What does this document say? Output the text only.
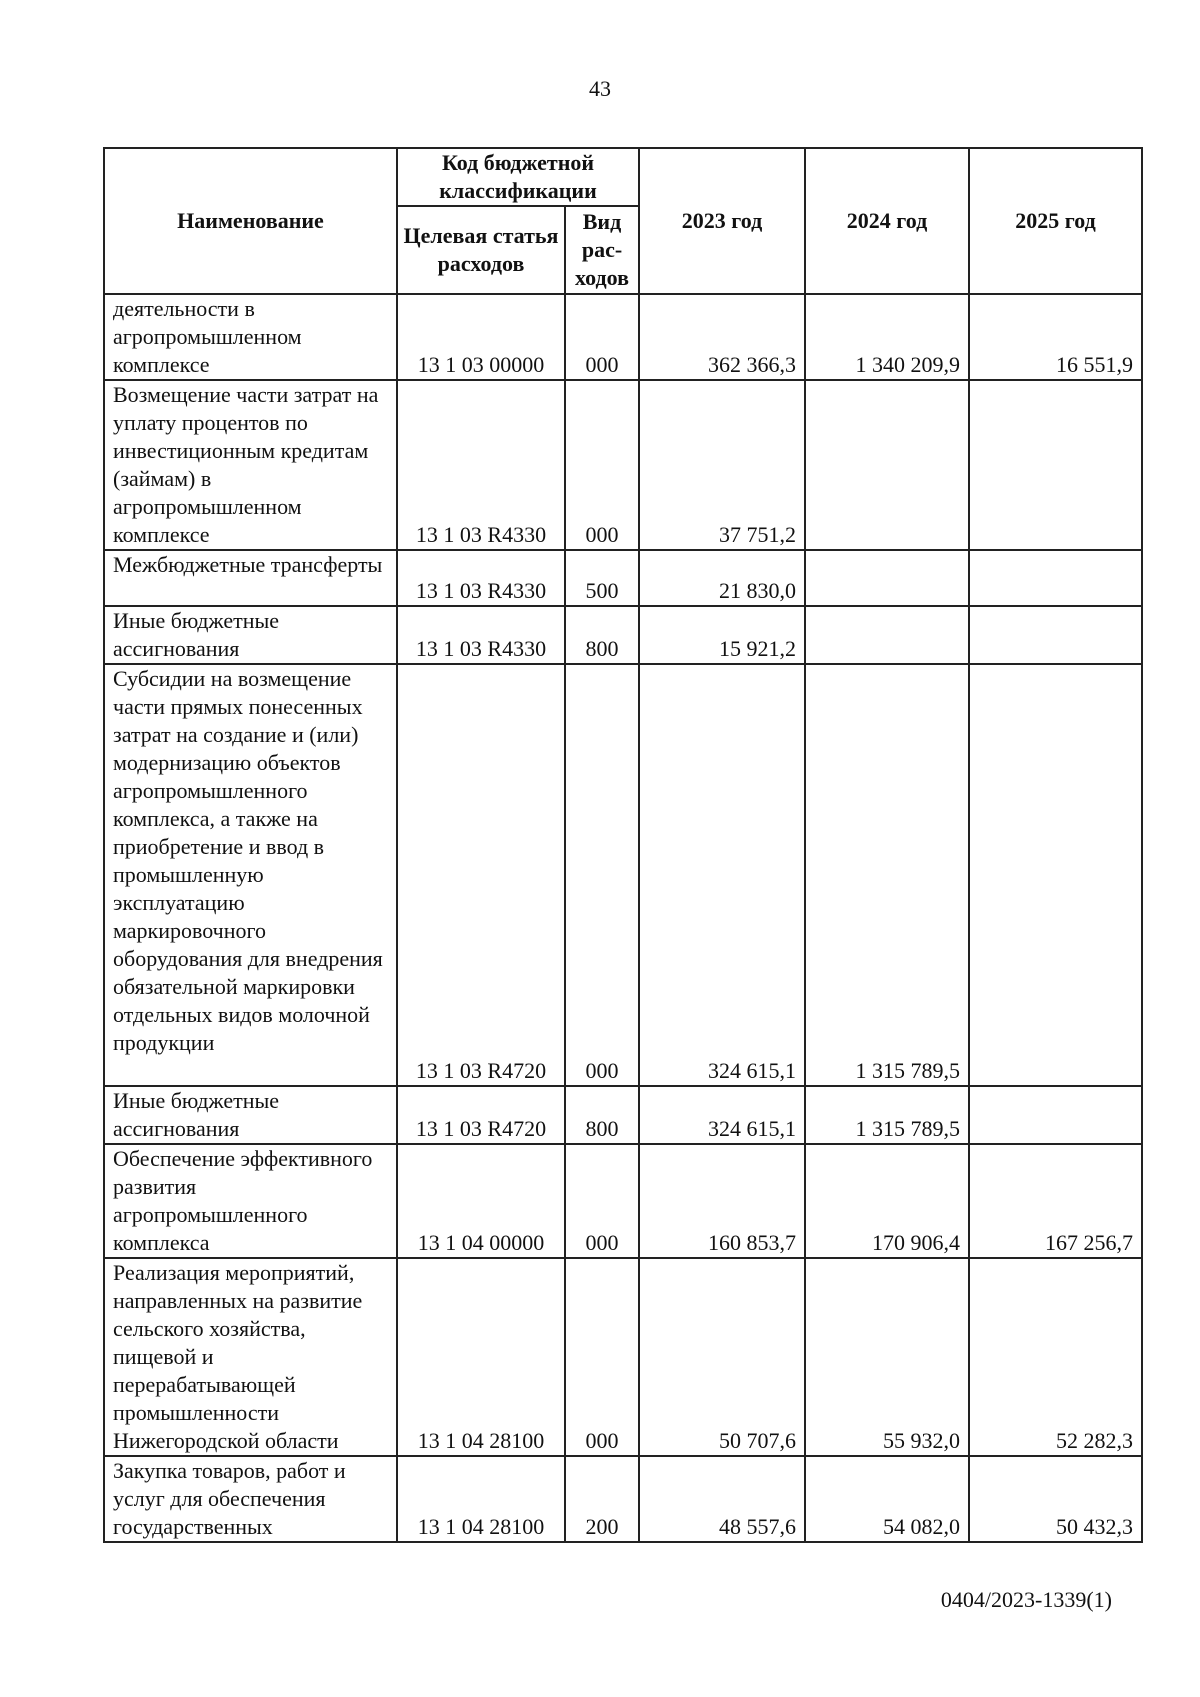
43
Наименование	Код бюджетной классификации		2023 год	2024 год	2025 год
	Целевая статья расходов	Вид рас-ходов			
деятельности в агропромышленном комплексе	13 1 03 00000	000	362 366,3	1 340 209,9	16 551,9
Возмещение части затрат на уплату процентов по инвестиционным кредитам (займам) в агропромышленном комплексе	13 1 03 R4330	000	37 751,2		
Межбюджетные трансферты	13 1 03 R4330	500	21 830,0		
Иные бюджетные ассигнования	13 1 03 R4330	800	15 921,2		
Субсидии на возмещение части прямых понесенных затрат на создание и (или) модернизацию объектов агропромышленного комплекса, а также на приобретение и ввод в промышленную эксплуатацию маркировочного оборудования для внедрения обязательной маркировки отдельных видов молочной продукции	13 1 03 R4720	000	324 615,1	1 315 789,5	
Иные бюджетные ассигнования	13 1 03 R4720	800	324 615,1	1 315 789,5	
Обеспечение эффективного развития агропромышленного комплекса	13 1 04 00000	000	160 853,7	170 906,4	167 256,7
Реализация мероприятий, направленных на развитие сельского хозяйства, пищевой и перерабатывающей промышленности Нижегородской области	13 1 04 28100	000	50 707,6	55 932,0	52 282,3
Закупка товаров, работ и услуг для обеспечения государственных	13 1 04 28100	200	48 557,6	54 082,0	50 432,3
0404/2023-1339(1)
